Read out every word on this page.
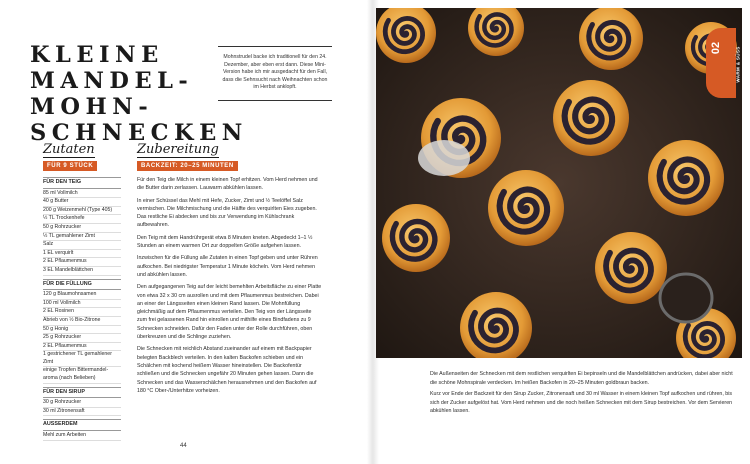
KLEINE
MANDEL-
MOHN-
SCHNECKEN
Mohnstrudel backe ich traditionell für den 24. Dezember, aber eben erst dann. Diese Mini-Version habe ich mir ausgedacht für den Fall, dass die Sehnsucht nach Weihnachten schon im Herbst anklopft.
Zutaten
FÜR 9 STÜCK
Zubereitung
BACKZEIT: 20–25 MINUTEN
FÜR DEN TEIG
85 ml Vollmilch
40 g Butter
200 g Weizenmehl (Type 405)
½ TL Trockenhefe
50 g Rohrzucker
½ TL gemahlener Zimt
Salz
1 EL verquirlt
2 EL Pflaumenmus
3 EL Mandelblättchen
FÜR DIE FÜLLUNG
120 g Blaumohnsamen
100 ml Vollmilch
2 EL Rosinen
Abrieb von ½ Bio-Zitrone
50 g Honig
25 g Rohrzucker
2 EL Pflaumenmus
1 gestrichener TL gemahlener Zimt
einige Tropfen Bittermandel-aroma (nach Belieben)
FÜR DEN SIRUP
30 g Rohrzucker
30 ml Zitronensaft
AUSSERDEM
Mehl zum Arbeiten

Für den Teig die Milch in einem kleinen Topf erhitzen. Vom Herd nehmen und die Butter darin zerlassen. Lauwarm abkühlen lassen.

In einer Schüssel das Mehl mit Hefe, Zucker, Zimt und ½ Teelöffel Salz vermischen. Die Milchmischung und die Hälfte des verquirlten Eies zugeben. Das restliche Ei abdecken und bis zur Verwendung im Kühlschrank aufbewahren.

Den Teig mit dem Handrührgerät etwa 8 Minuten kneten. Abgedeckt 1–1 ½ Stunden an einem warmen Ort zur doppelten Größe aufgehen lassen.

Inzwischen für die Füllung alle Zutaten in einen Topf geben und unter Rühren aufkochen. Bei niedrigster Temperatur 1 Minute köcheln. Vom Herd nehmen und abkühlen lassen.

Den aufgegangenen Teig auf der leicht bemehlten Arbeitsfläche zu einer Platte von etwa 32 x 30 cm ausrollen und mit dem Pflaumenmus bestreichen. Dabei an einer der Längsseiten einen kleinen Rand lassen. Die Mohnfüllung gleichmäßig auf dem Pflaumenmus verteilen. Den Teig von der Längsseite zum frei gelassenen Rand hin einrollen und mithilfe eines Bindfadens zu 9 Schnecken schneiden. Dafür den Faden unter der Rolle durchführen, oben überkreuzen und die Schlinge zuziehen.

Die Schnecken mit reichlich Abstand zueinander auf einem mit Backpapier belegten Backblech verteilen. In den kalten Backofen schieben und ein Schälchen mit kochend heißem Wasser hineinstellen. Die Backofentür schließen und die Schnecken ungefähr 20 Minuten gehen lassen. Dann die Schnecken und das Wasserschälchen herausnehmen und den Backofen auf 180 °C Ober-/Unterhitze vorheizen.

44
02	WARM & SÜSS

Die Außenseiten der Schnecken mit dem restlichen verquirlten Ei bepinseln und die Mandelblättchen andrücken, dabei aber nicht die schöne Mohnspirale verdecken. Im heißen Backofen in 20–25 Minuten goldbraun backen.

Kurz vor Ende der Backzeit für den Sirup Zucker, Zitronensaft und 30 ml Wasser in einem kleinen Topf aufkochen und rühren, bis sich der Zucker aufgelöst hat. Vom Herd nehmen und die noch heißen Schnecken mit dem Sirup bestreichen. Vor dem Servieren abkühlen lassen.
